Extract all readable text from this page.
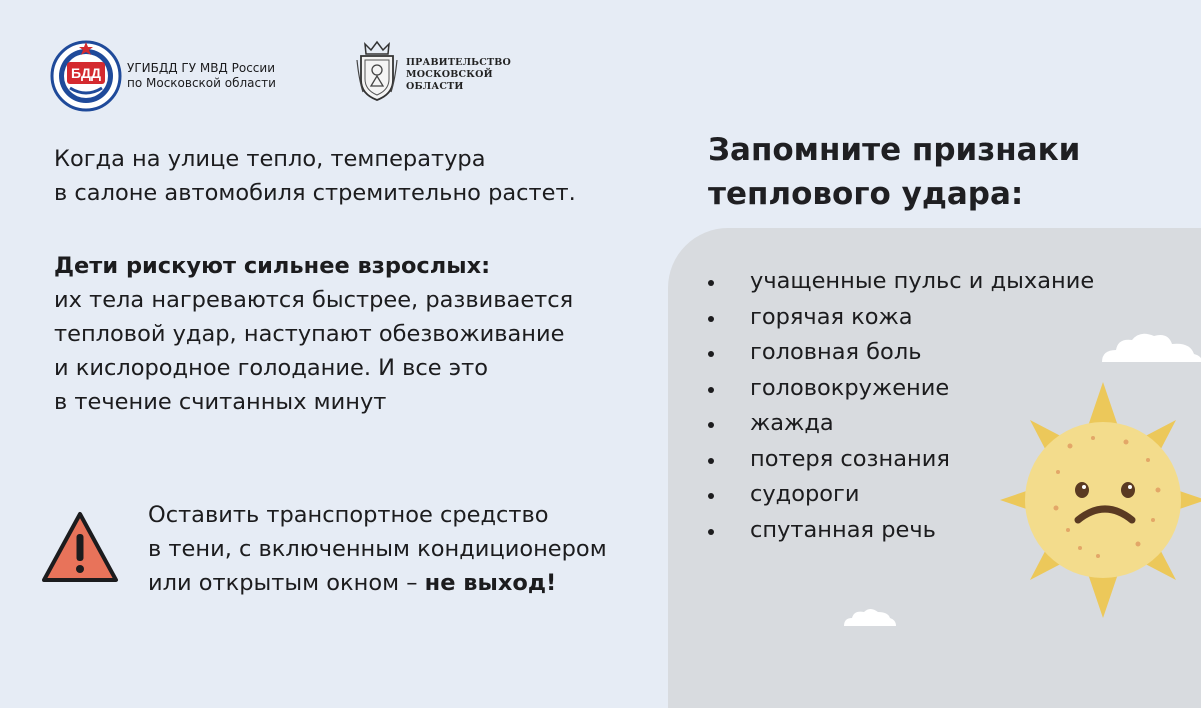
БДД УГИБДД ГУ МВД России
по Московской области
ПРАВИТЕЛЬСТВО
МОСКОВСКОЙ
ОБЛАСТИ
Когда на улице тепло, температура
в салоне автомобиля стремительно растет.
Дети рискуют сильнее взрослых:
их тела нагреваются быстрее, развивается
тепловой удар, наступают обезвоживание
и кислородное голодание. И все это
в течение считанных минут
Оставить транспортное средство
в тени, с включенным кондиционером
или открытым окном – не выход!
Запомните признаки
теплового удара:
учащенные пульс и дыхание
горячая кожа
головная боль
головокружение
жажда
потеря сознания
судороги
спутанная речь
